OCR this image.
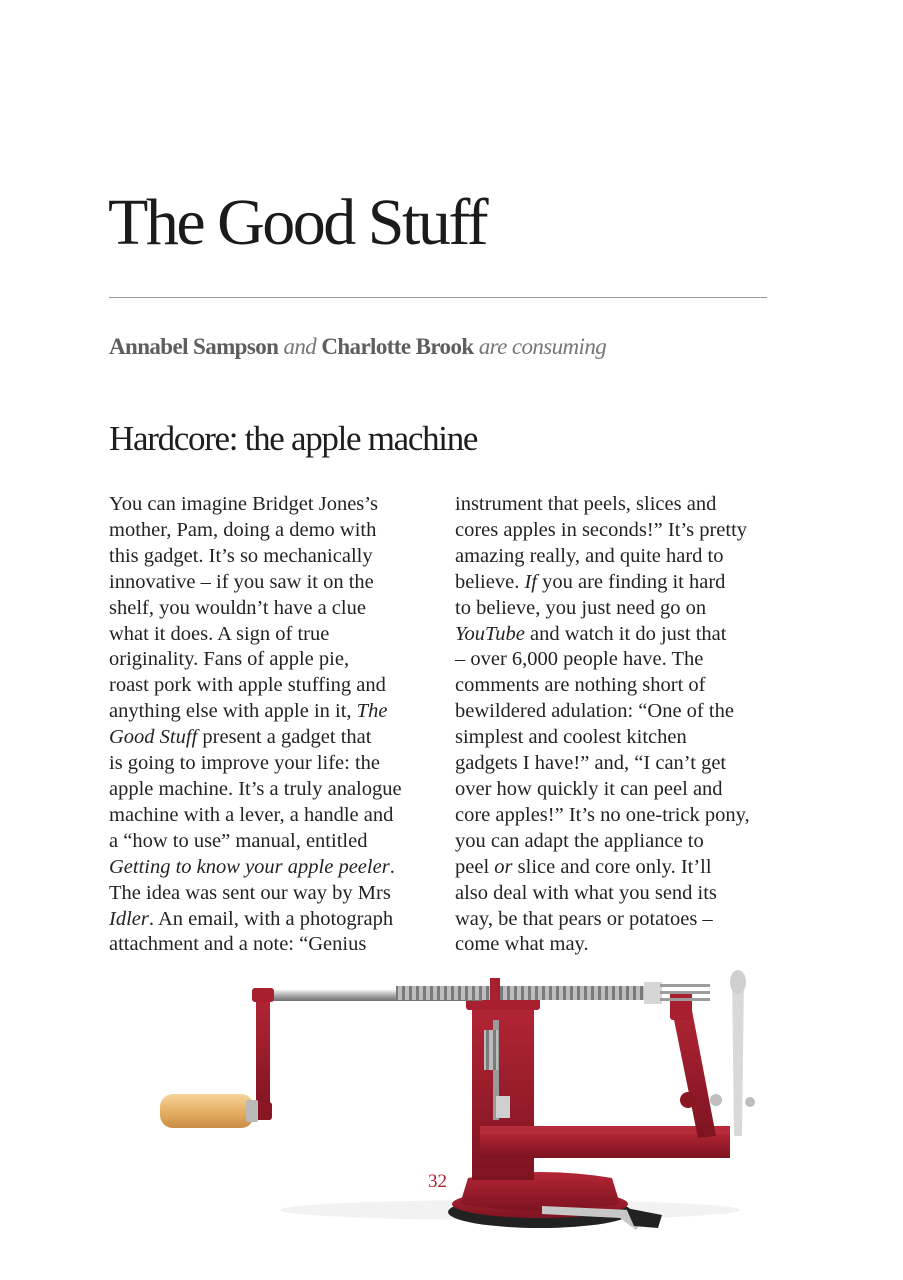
The Good Stuff

Annabel Sampson and Charlotte Brook are consuming

Hardcore: the apple machine
You can imagine Bridget Jones’s
mother, Pam, doing a demo with
this gadget. It’s so mechanically
innovative – if you saw it on the
shelf, you wouldn’t have a clue
what it does. A sign of true
originality. Fans of apple pie,
roast pork with apple stuffing and
anything else with apple in it, The
Good Stuff present a gadget that
is going to improve your life: the
apple machine. It’s a truly analogue
machine with a lever, a handle and
a “how to use” manual, entitled
Getting to know your apple peeler.
The idea was sent our way by Mrs
Idler. An email, with a photograph
attachment and a note: “Genius
instrument that peels, slices and
cores apples in seconds!” It’s pretty
amazing really, and quite hard to
believe. If you are finding it hard
to believe, you just need go on
YouTube and watch it do just that
– over 6,000 people have. The
comments are nothing short of
bewildered adulation: “One of the
simplest and coolest kitchen
gadgets I have!” and, “I can’t get
over how quickly it can peel and
core apples!” It’s no one-trick pony,
you can adapt the appliance to
peel or slice and core only. It’ll
also deal with what you send its
way, be that pears or potatoes –
come what may.

32
